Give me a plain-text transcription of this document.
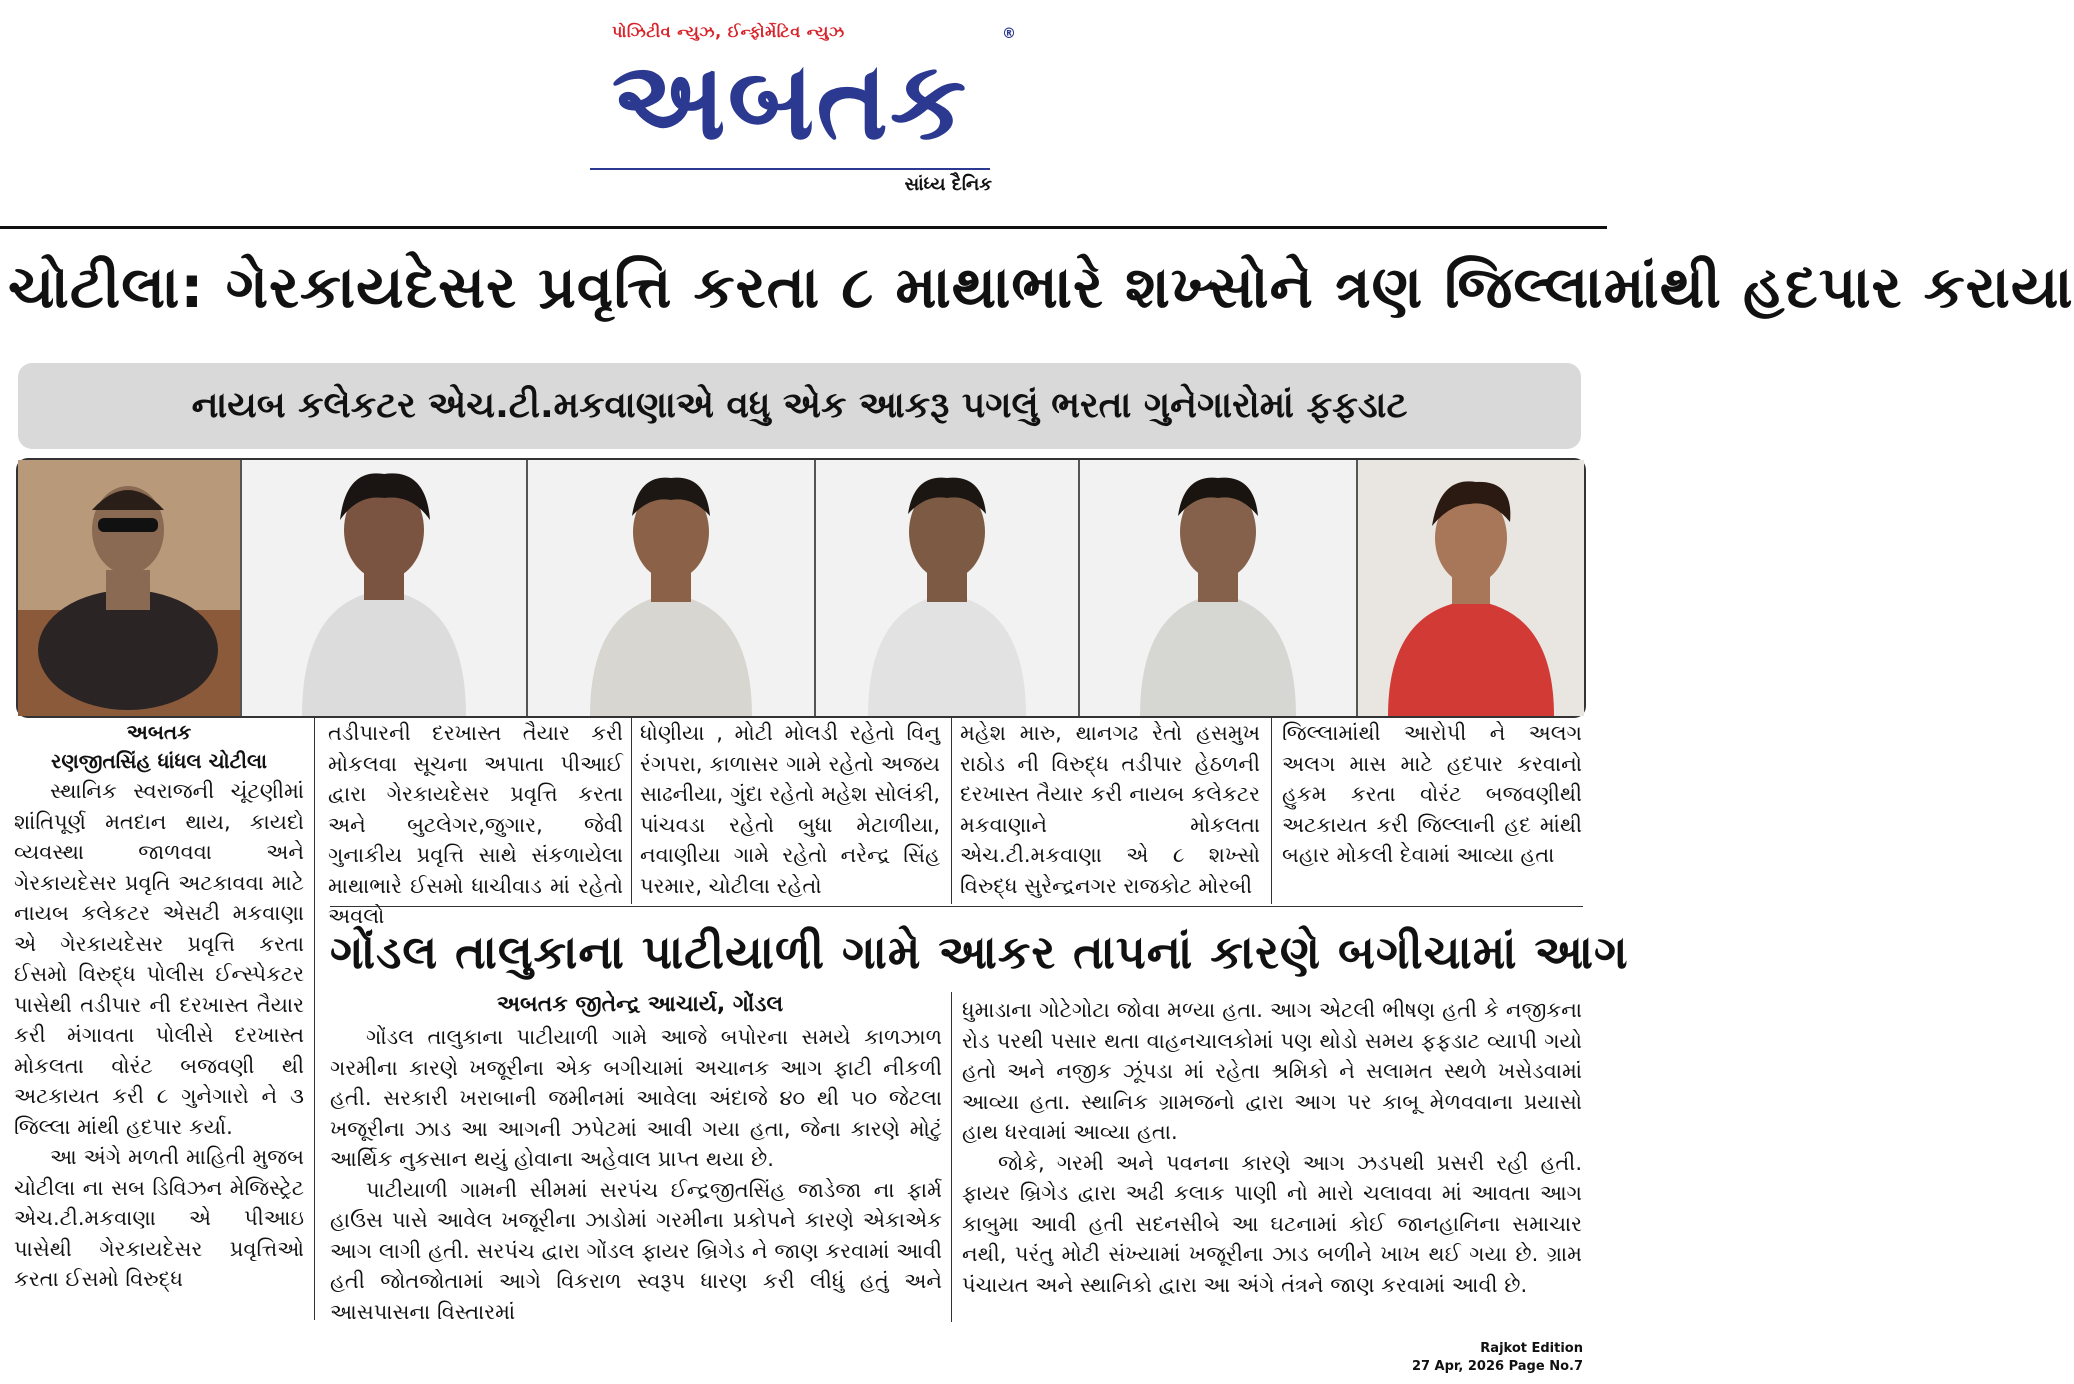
પોઝિટીવ ન્યુઝ, ઈન્ફોર્મેટિવ ન્યુઝ	®
અબતક
સાંધ્ય દૈનિક
ચોટીલા: ગેરકાયદેસર પ્રવૃત્તિ કરતા ૮ માથાભારે શખ્સોને ત્રણ જિલ્લામાંથી હદપાર કરાયા
નાયબ કલેકટર એચ.ટી.મકવાણાએ વધુ એક આકરૂ પગલું ભરતા ગુનેગારોમાં ફફડાટ
અબતક
રણજીતસિંહ ધાંધલ ચોટીલા

સ્થાનિક સ્વરાજની ચૂંટણીમાં શાંતિપૂર્ણ મતદાન થાય, કાયદો વ્યવસ્થા જાળવવા અને ગેરકાયદેસર પ્રવૃતિ અટકાવવા માટે નાયબ કલેકટર એસટી મકવાણા એ ગેરકાયદેસર પ્રવૃત્તિ કરતા ઈસમો વિરુદ્ધ પોલીસ ઈન્સ્પેકટર પાસેથી તડીપાર ની દરખાસ્ત તૈયાર કરી મંગાવતા પોલીસે દરખાસ્ત મોકલતા વોરંટ બજવણી થી અટકાયત કરી ૮ ગુનેગારો ને ૩ જિલ્લા માંથી હદપાર કર્યા.

આ અંગે મળતી માહિતી મુજબ ચોટીલા ના સબ ડિવિઝન મેજિસ્ટ્રેટ એચ.ટી.મકવાણા એ પીઆઇ પાસેથી ગેરકાયદેસર પ્રવૃત્તિઓ કરતા ઈસમો વિરુદ્ધ

તડીપારની દરખાસ્ત તૈયાર કરી મોકલવા સૂચના અપાતા પીઆઈ દ્વારા ગેરકાયદેસર પ્રવૃત્તિ કરતા અને બુટલેગર,જુગાર, જેવી ગુનાકીય પ્રવૃત્તિ સાથે સંકળાયેલા માથાભારે ઈસમો ધાચીવાડ માં રહેતો અવલો
ધોણીયા , મોટી મોલડી રહેતો વિનુ રંગપરા, કાળાસર ગામે રહેતો અજય સાઢનીયા, ગુંદા રહેતો મહેશ સોલંકી, પાંચવડા રહેતો બુધા મેટાળીયા, નવાણીયા ગામે રહેતો નરેન્દ્ર સિંહ પરમાર, ચોટીલા રહેતો
મહેશ મારુ, થાનગઢ રેતો હસમુખ રાઠોડ ની વિરુદ્ધ તડીપાર હેઠળની દરખાસ્ત તૈયાર કરી નાયબ કલેકટર મકવાણાને મોકલતા એચ.ટી.મકવાણા એ ૮ શખ્સો વિરુદ્ધ સુરેન્દ્રનગર રાજકોટ મોરબી
જિલ્લામાંથી આરોપી ને અલગ અલગ માસ માટે હદપાર કરવાનો હુકમ કરતા વોરંટ બજવણીથી અટકાયત કરી જિલ્લાની હદ માંથી બહાર મોકલી દેવામાં આવ્યા હતા
ગોંડલ તાલુકાના પાટીયાળી ગામે આકર તાપનાં કારણે બગીચામાં આગ
અબતક જીતેન્દ્ર આચાર્ય, ગોંડલ

ગોંડલ તાલુકાના પાટીયાળી ગામે આજે બપોરના સમયે કાળઝાળ ગરમીના કારણે ખજૂરીના એક બગીચામાં અચાનક આગ ફાટી નીકળી હતી. સરકારી ખરાબાની જમીનમાં આવેલા અંદાજે ૪૦ થી ૫૦ જેટલા ખજૂરીના ઝાડ આ આગની ઝપેટમાં આવી ગયા હતા, જેના કારણે મોટું આર્થિક નુકસાન થયું હોવાના અહેવાલ પ્રાપ્ત થયા છે.

પાટીયાળી ગામની સીમમાં સરપંચ ઈન્દ્રજીતસિંહ જાડેજા ના ફાર્મ હાઉસ પાસે આવેલ ખજૂરીના ઝાડોમાં ગરમીના પ્રકોપને કારણે એકાએક આગ લાગી હતી. સરપંચ દ્વારા ગોંડલ ફાયર બ્રિગેડ ને જાણ કરવામાં આવી હતી જોતજોતામાં આગે વિકરાળ સ્વરૂપ ધારણ કરી લીધું હતું અને આસપાસના વિસ્તારમાં

ધુમાડાના ગોટેગોટા જોવા મળ્યા હતા. આગ એટલી ભીષણ હતી કે નજીકના રોડ પરથી પસાર થતા વાહનચાલકોમાં પણ થોડો સમય ફફડાટ વ્યાપી ગયો હતો અને નજીક ઝૂંપડા માં રહેતા શ્રમિકો ને સલામત સ્થળે ખસેડવામાં આવ્યા હતા. સ્થાનિક ગ્રામજનો દ્વારા આગ પર કાબૂ મેળવવાના પ્રયાસો હાથ ધરવામાં આવ્યા હતા.

જોકે, ગરમી અને પવનના કારણે આગ ઝડપથી પ્રસરી રહી હતી. ફાયર બ્રિગેડ દ્વારા અઢી કલાક પાણી નો મારો ચલાવવા માં આવતા આગ કાબુમા આવી હતી સદનસીબે આ ઘટનામાં કોઈ જાનહાનિના સમાચાર નથી, પરંતુ મોટી સંખ્યામાં ખજૂરીના ઝાડ બળીને ખાખ થઈ ગયા છે. ગ્રામ પંચાયત અને સ્થાનિકો દ્વારા આ અંગે તંત્રને જાણ કરવામાં આવી છે.

Rajkot Edition
27 Apr, 2026 Page No.7
